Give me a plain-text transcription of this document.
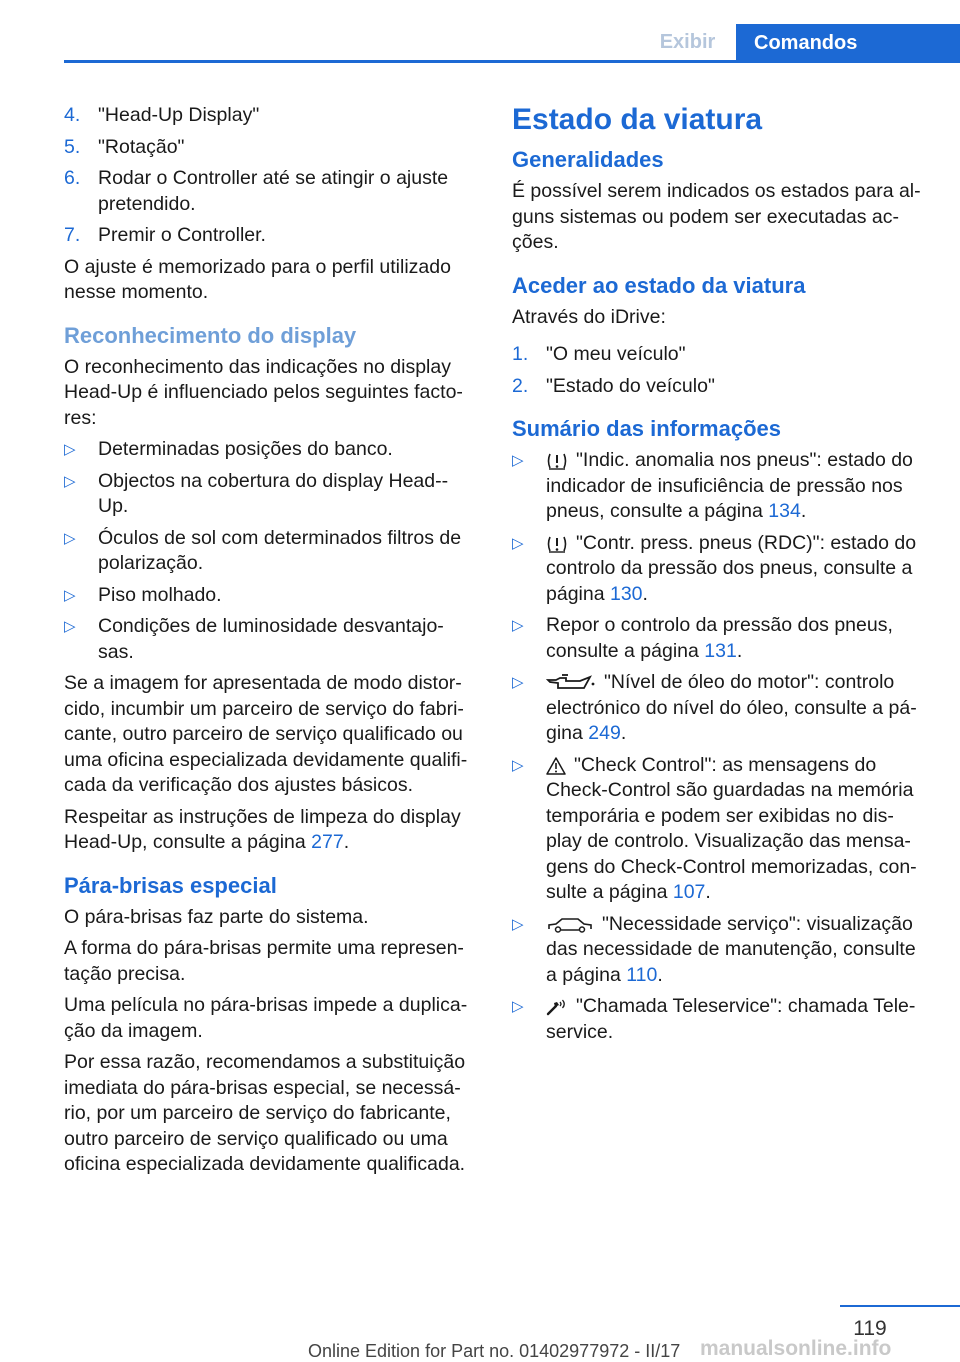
Exibir	Comandos
4. "Head-Up Display"
5. "Rotação"
6. Rodar o Controller até se atingir o ajuste pretendido.
7. Premir o Controller.

O ajuste é memorizado para o perfil utilizado nesse momento.

Reconhecimento do display

O reconhecimento das indicações no display Head-Up é influenciado pelos seguintes facto-res:

▷	Determinadas posições do banco.
▷	Objectos na cobertura do display Head--Up.
▷	Óculos de sol com determinados filtros de polarização.
▷	Piso molhado.
▷	Condições de luminosidade desvantajo-sas.

Se a imagem for apresentada de modo distor-cido, incumbir um parceiro de serviço do fabri-cante, outro parceiro de serviço qualificado ou uma oficina especializada devidamente qualifi-cada da verificação dos ajustes básicos.

Respeitar as instruções de limpeza do display Head-Up, consulte a página 277.

Pára-brisas especial

O pára-brisas faz parte do sistema.

A forma do pára-brisas permite uma represen-tação precisa.

Uma película no pára-brisas impede a duplica-ção da imagem.

Por essa razão, recomendamos a substituição imediata do pára-brisas especial, se necessá-rio, por um parceiro de serviço do fabricante, outro parceiro de serviço qualificado ou uma oficina especializada devidamente qualificada.

Estado da viatura
Generalidades

É possível serem indicados os estados para al-guns sistemas ou podem ser executadas ac-ções.

Aceder ao estado da viatura

Através do iDrive:

1. "O meu veículo"
2. "Estado do veículo"
Sumário das informações
▷	"Indic. anomalia nos pneus": estado do indicador de insuficiência de pressão nos pneus, consulte a página 134.
▷	"Contr. press. pneus (RDC)": estado do controlo da pressão dos pneus, consulte a página 130.
▷	Repor o controlo da pressão dos pneus, consulte a página 131.
▷	"Nível de óleo do motor": controlo electrónico do nível do óleo, consulte a pá-gina 249.
▷	"Check Control": as mensagens do Check-Control são guardadas na memória temporária e podem ser exibidas no dis-play de controlo. Visualização das mensa-gens do Check-Control memorizadas, con-sulte a página 107.
▷	"Necessidade serviço": visualização das necessidade de manutenção, consulte a página 110.
▷	"Chamada Teleservice": chamada Tele-service.
119
Online Edition for Part no. 01402977972 - II/17 manualsonline.info
